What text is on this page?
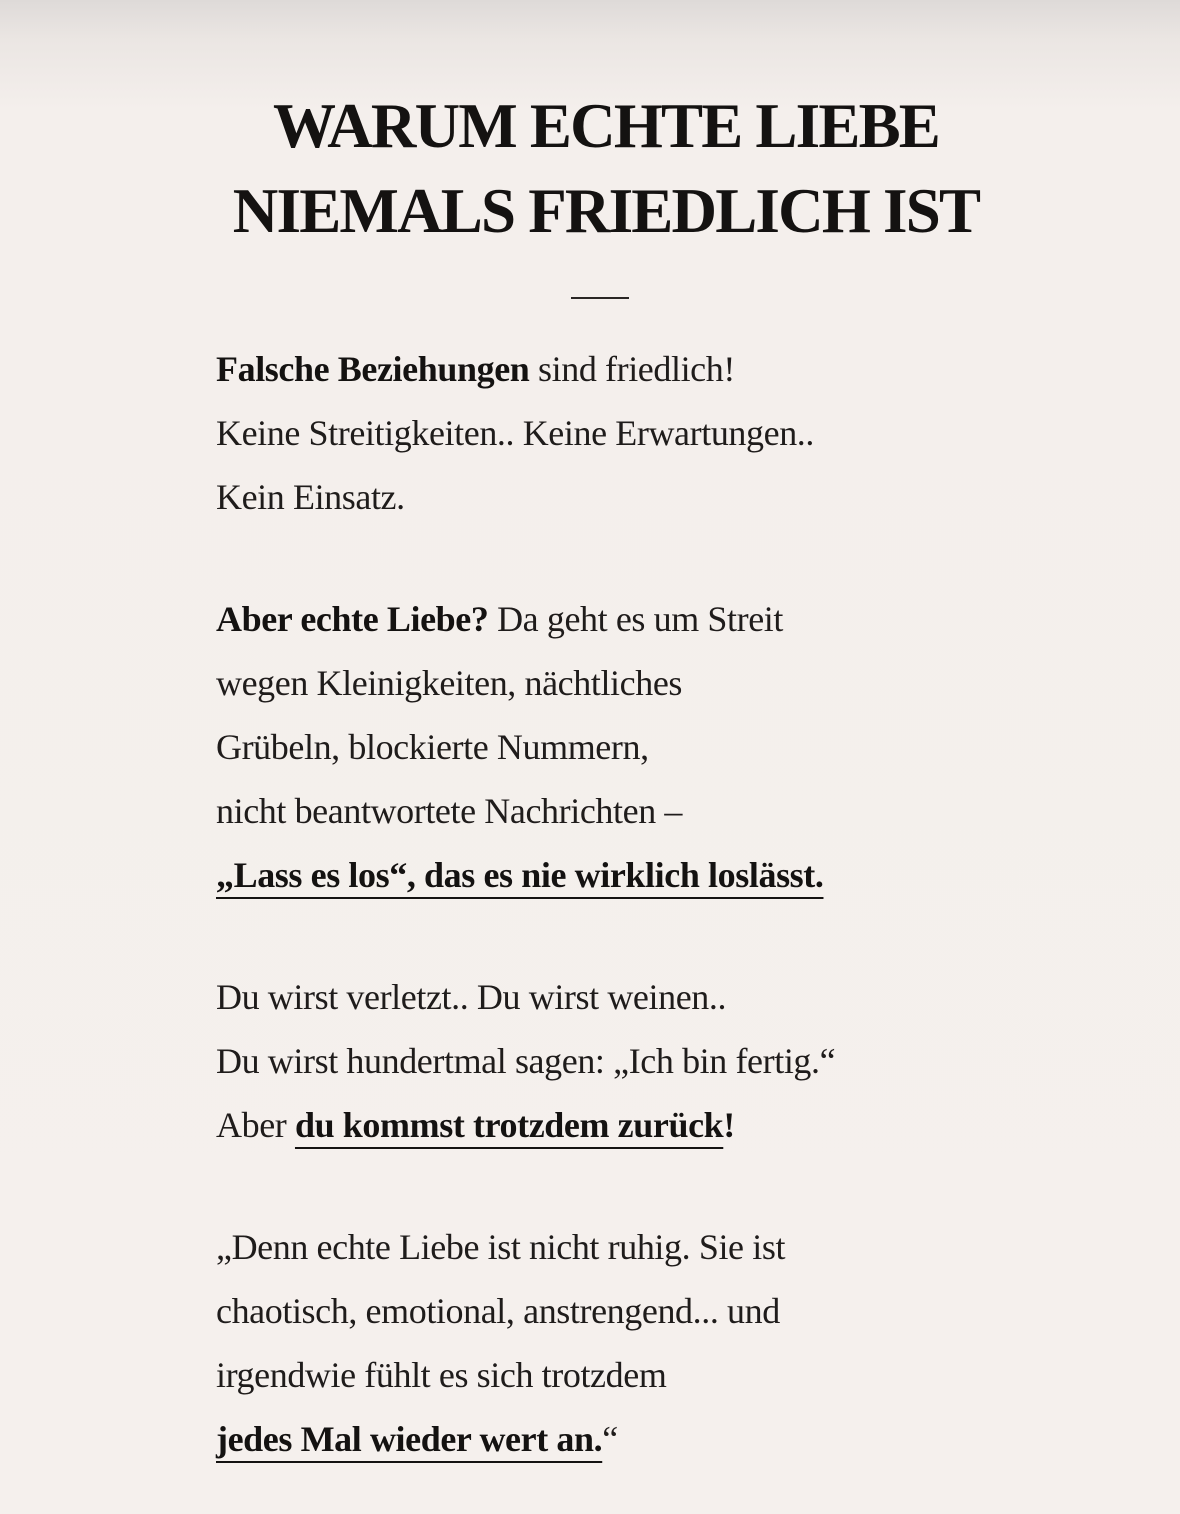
WARUM ECHTE LIEBE
NIEMALS FRIEDLICH IST

Falsche Beziehungen sind friedlich!
Keine Streitigkeiten.. Keine Erwartungen..
Kein Einsatz.

Aber echte Liebe? Da geht es um Streit
wegen Kleinigkeiten, nächtliches
Grübeln, blockierte Nummern,
nicht beantwortete Nachrichten –
„Lass es los“, das es nie wirklich loslässt.

Du wirst verletzt.. Du wirst weinen..
Du wirst hundertmal sagen: „Ich bin fertig.“
Aber du kommst trotzdem zurück!

„Denn echte Liebe ist nicht ruhig. Sie ist
chaotisch, emotional, anstrengend... und
irgendwie fühlt es sich trotzdem
jedes Mal wieder wert an.“
